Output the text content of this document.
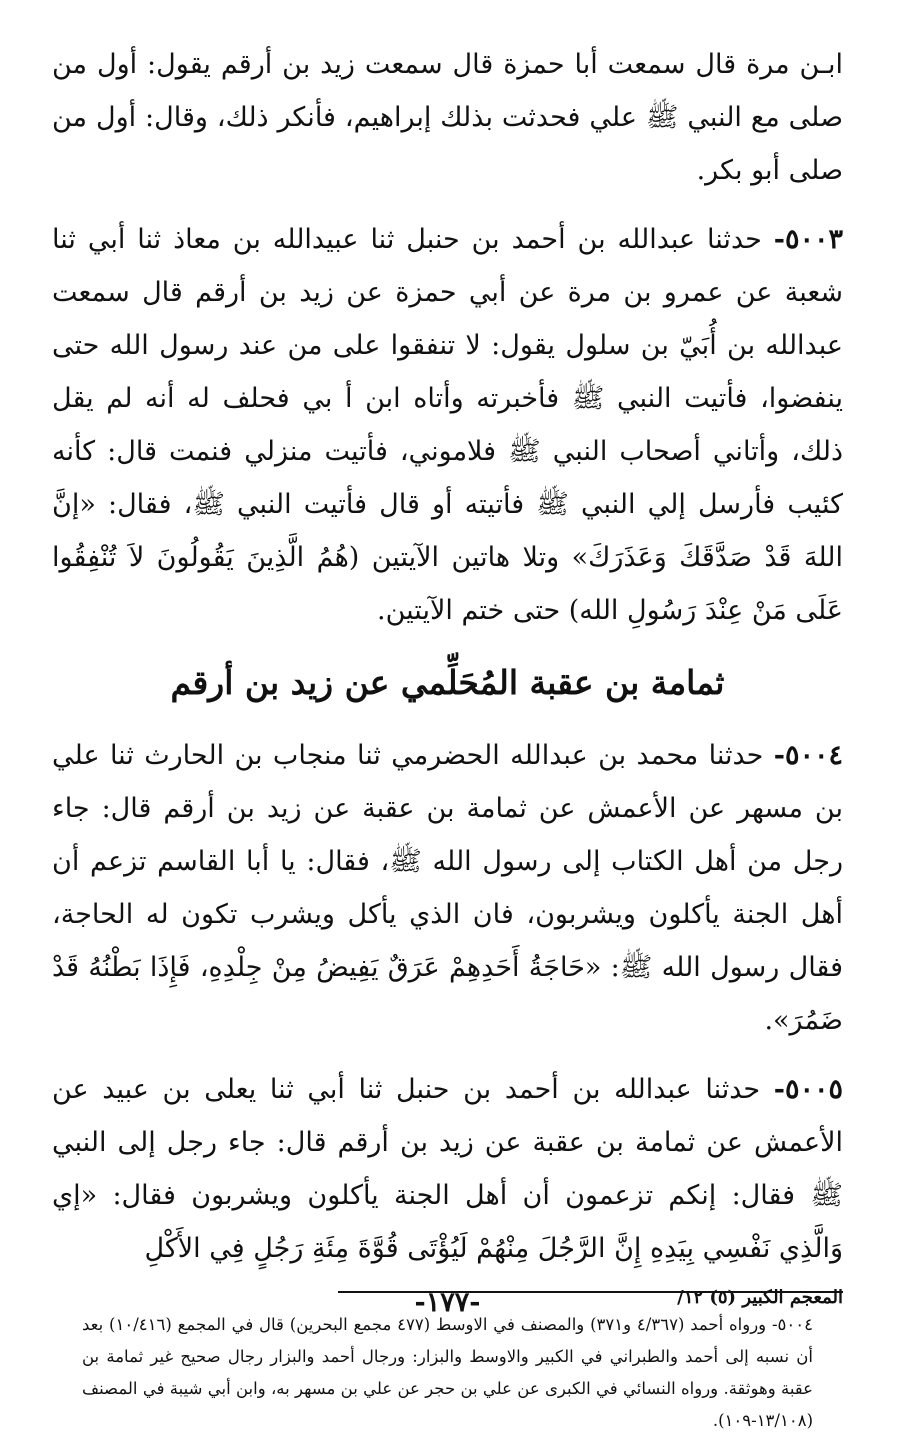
ابـن مرة قال سمعت أبا حمزة قال سمعت زيد بن أرقم يقول: أول من صلى مع النبي ﷺ علي فحدثت بذلك إبراهيم، فأنكر ذلك، وقال: أول من صلى أبو بكر.

٥٠٠٣- حدثنا عبدالله بن أحمد بن حنبل ثنا عبيدالله بن معاذ ثنا أبي ثنا شعبة عن عمرو بن مرة عن أبي حمزة عن زيد بن أرقم قال سمعت عبدالله بن أُبَيّ بن سلول يقول: لا تنفقوا على من عند رسول الله حتى ينفضوا، فأتيت النبي ﷺ فأخبرته وأتاه ابن أ بي فحلف له أنه لم يقل ذلك، وأتاني أصحاب النبي ﷺ فلاموني، فأتيت منزلي فنمت قال: كأنه كئيب فأرسل إلي النبي ﷺ فأتيته أو قال فأتيت النبي ﷺ، فقال: «إنَّ اللهَ قَدْ صَدَّقَكَ وَعَذَرَكَ» وتلا هاتين الآيتين (هُمُ الَّذِينَ يَقُولُونَ لاَ تُنْفِقُوا عَلَى مَنْ عِنْدَ رَسُولِ الله) حتى ختم الآيتين.

ثمامة بن عقبة المُحَلِّمي عن زيد بن أرقم

٥٠٠٤- حدثنا محمد بن عبدالله الحضرمي ثنا منجاب بن الحارث ثنا علي بن مسهر عن الأعمش عن ثمامة بن عقبة عن زيد بن أرقم قال: جاء رجل من أهل الكتاب إلى رسول الله ﷺ، فقال: يا أبا القاسم تزعم أن أهل الجنة يأكلون ويشربون، فان الذي يأكل ويشرب تكون له الحاجة، فقال رسول الله ﷺ: «حَاجَةُ أَحَدِهِمْ عَرَقٌ يَفِيضُ مِنْ جِلْدِهِ، فَإِذَا بَطْنُهُ قَدْ ضَمُرَ».

٥٠٠٥- حدثنا عبدالله بن أحمد بن حنبل ثنا أبي ثنا يعلى بن عبيد عن الأعمش عن ثمامة بن عقبة عن زيد بن أرقم قال: جاء رجل إلى النبي ﷺ فقال: إنكم تزعمون أن أهل الجنة يأكلون ويشربون فقال: «إي وَالَّذِي نَفْسِي بِيَدِهِ إِنَّ الرَّجُلَ مِنْهُمْ لَيُؤْتَى قُوَّةَ مِئَةِ رَجُلٍ فِي الأَكْلِ

٥٠٠٤- ورواه أحمد (٤/٣٦٧ و٣٧١) والمصنف في الاوسط (٤٧٧ مجمع البحرين) قال في المجمع (١٠/٤١٦) بعد أن نسبه إلى أحمد والطبراني في الكبير والاوسط والبزار: ورجال أحمد والبزار رجال صحيح غير ثمامة بن عقبة وهوثقة. ورواه النسائي في الكبرى عن علي بن حجر عن علي بن مسهر به، وابن أبي شيبة في المصنف (١٣/١٠٨-١٠٩).
-١٧٧-	المعجم الكبير (٥) ١٢/
